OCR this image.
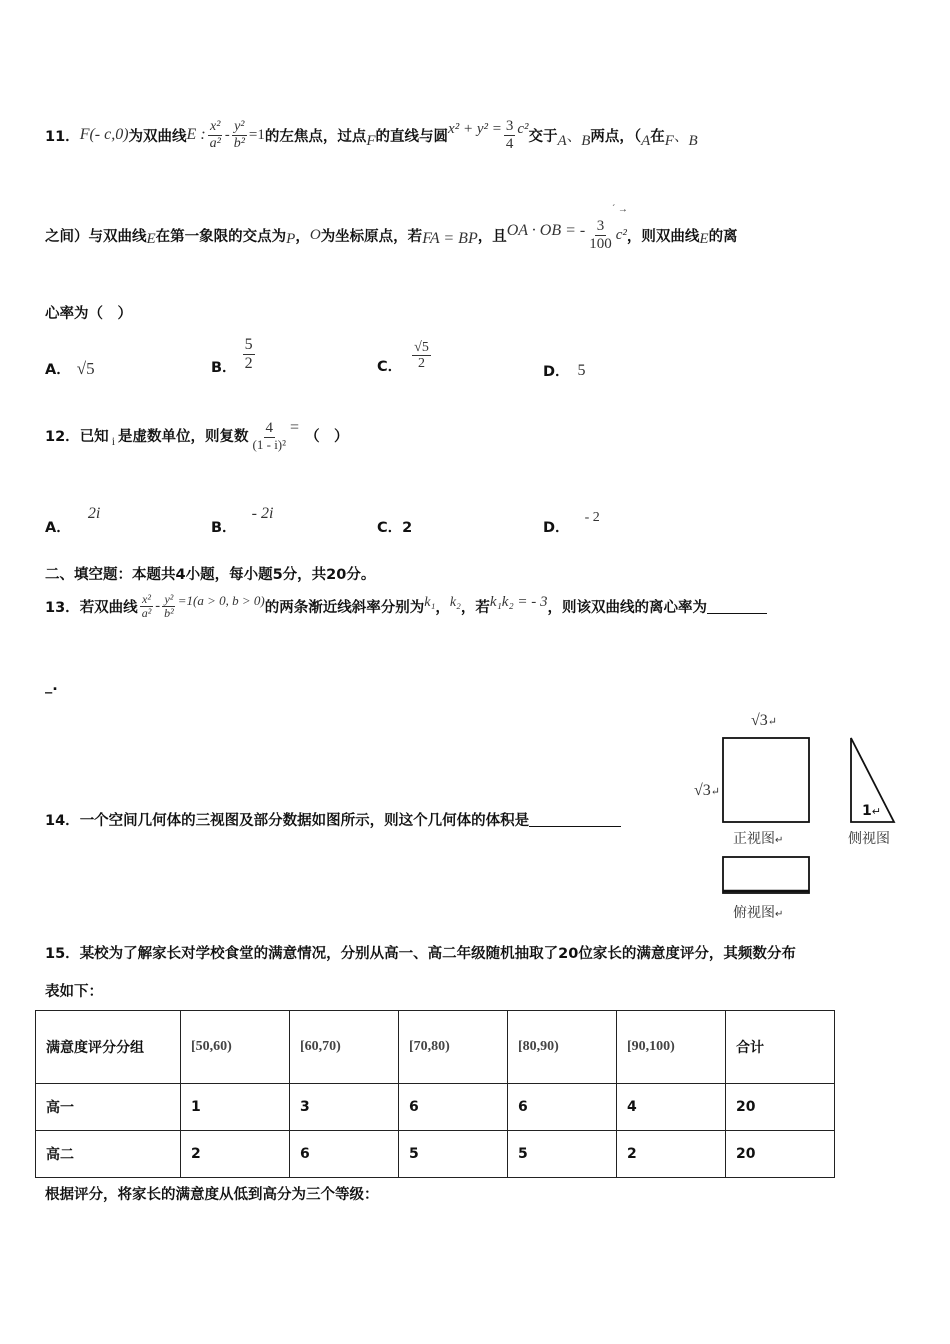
11． F(- c,0) 为双曲线 E : $\frac{\text{x²}}{\text{a²}} - \frac{\text{y²}}{\text{b²}} =1$ 的左焦点，过点 F 的直线与圆 $x^2 + y^2 = \frac{3}{4} c^2$ 交于 A 、 B 两点，（ A 在 F 、 B
之间）与双曲线 E 在第一象限的交点为 P ， O 为坐标原点，若 FA = BP ，且 OA · OB = - $\frac{3}{100} c^2$ ，则双曲线 E 的离
ˊ →
心率为（　）
A． √5	B． $\frac{5}{2}$	C． $\frac{√5}{2}$
D． 5
12． 已知 i 是虚数单位，则复数 $\frac{4}{\text{(1 - i)²}}$ =
（　）
A． 2i
B． - 2i
C．2	D． - 2
二、填空题：本题共4小题，每小题5分，共20分。
13． 若双曲线 $\frac{\text{x²}}{\text{a²}} - \frac{\text{y²}}{\text{b²}} =1(a > 0$, b > 0) 的两条渐近线斜率分别为 k₁ ， k₂ ，若 k₁k₂ = - 3 ，则该双曲线的离心率为
_.
14． 一个空间几何体的三视图及部分数据如图所示，则这个几何体的体积是
√3↵
√3↵
1↵
正视图↵	侧视图
俯视图↵
15．某校为了解家长对学校食堂的满意情况，分别从高一、高二年级随机抽取了20位家长的满意度评分，其频数分布
表如下：
满意度评分分组	[50,60)	[60,70)	[70,80)	[80,90)	[90,100)	合计
高一	1	3	6	6	4	20
高二	2	6	5	5	2	20
根据评分，将家长的满意度从低到高分为三个等级：
